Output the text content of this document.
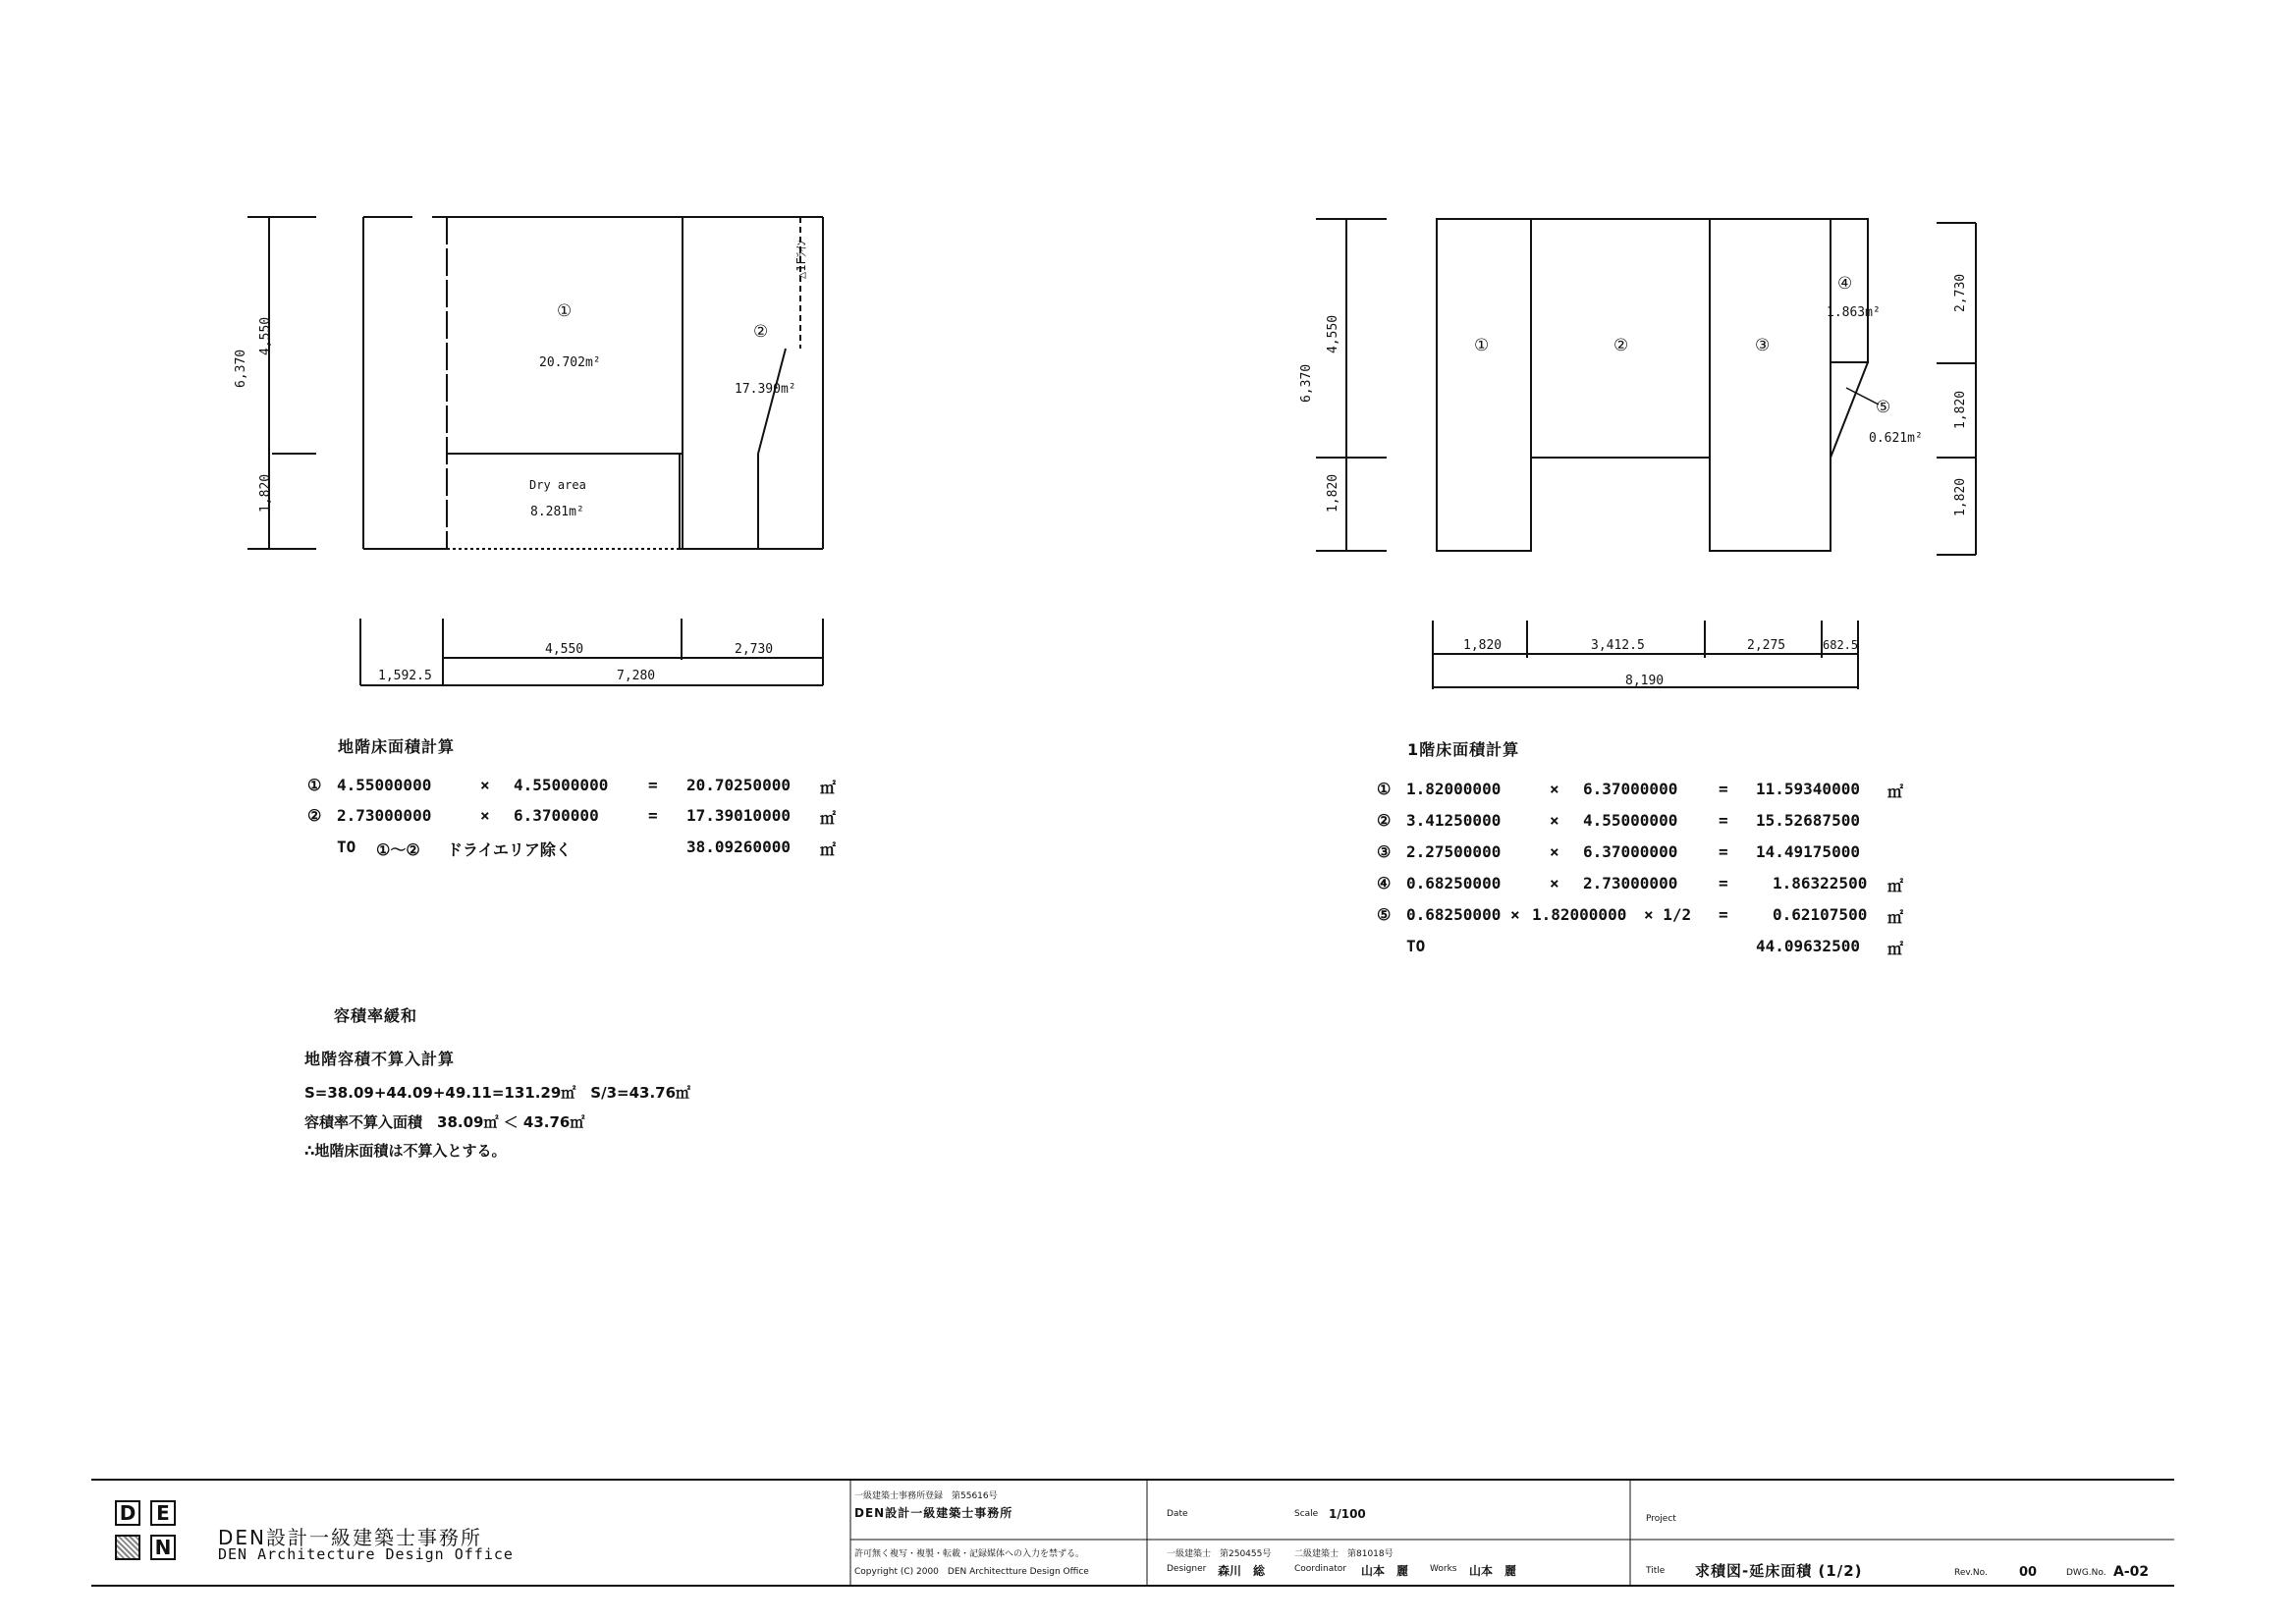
6,370
4,550
1,820
4,550	2,730
1,592.5	7,280
①
20.702m²
②
17.390m²
Dry area
8.281m²
△1Fﾗｲﾝ
6,370
4,550
1,820
2,730
1,820
1,820
1,820	3,412.5	2,275	682.5
8,190
①	②	③
④
1.863m²
⑤
0.621m²
地階床面積計算
① 4.55000000	× 4.55000000	= 20.70250000 ㎡
② 2.73000000	× 6.3700000	= 17.39010000 ㎡
TO ①～② ドライエリア除く	38.09260000 ㎡
1階床面積計算
① 1.82000000	× 6.37000000	= 11.59340000 ㎡
② 3.41250000	× 4.55000000	= 15.52687500
③ 2.27500000	× 6.37000000	= 14.49175000
④ 0.68250000	× 2.73000000	=	1.86322500 ㎡
⑤ 0.68250000 × 1.82000000 × 1/2 =	0.62107500 ㎡
TO	44.09632500 ㎡
容積率緩和
地階容積不算入計算
S=38.09+44.09+49.11=131.29㎡　S/3=43.76㎡
容積率不算入面積　38.09㎡ ＜ 43.76㎡
∴地階床面積は不算入とする。
D	E
N DEN設計一級建築士事務所
DEN Architecture Design Office
一級建築士事務所登録　第55616号
DEN設計一級建築士事務所
許可無く複写・複製・転載・記録媒体への入力を禁ずる。
Copyright (C) 2000　DEN Architectture Design Office
Date	Scale 1/100
一級建築士　第250455号
Designer 森川　総
二級建築士　第81018号
Coordinator 山本　麗 Works 山本　麗
Project
Title 求積図-延床面積 (1/2)	Rev.No. 00	DWG.No. A-02
